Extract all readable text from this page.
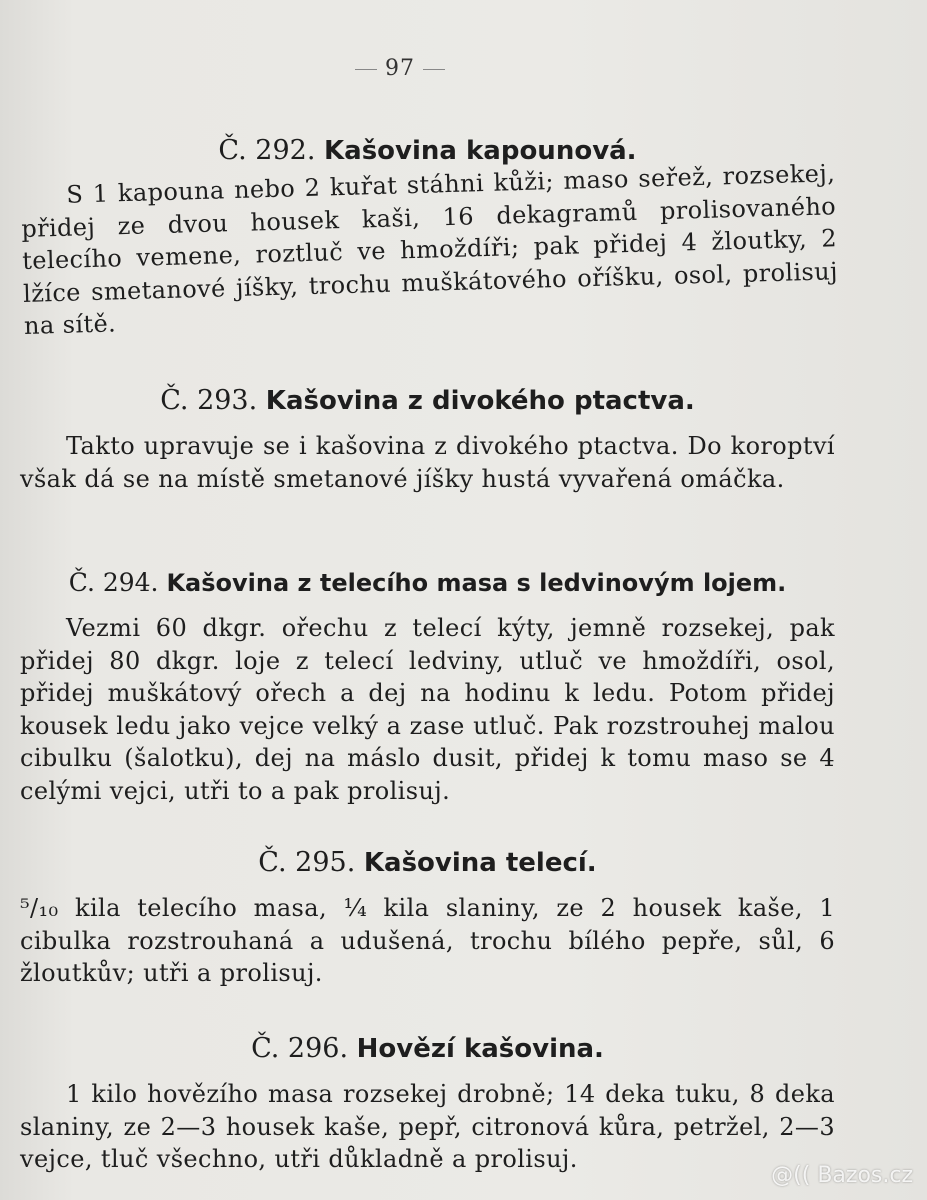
97
Č. 292. Kašovina kapounová.
S 1 kapouna nebo 2 kuřat stáhni kůži; maso seřež, rozsekej, přidej ze dvou housek kaši, 16 dekagramů prolisovaného telecího vemene, roztluč ve hmoždíři; pak přidej 4 žloutky, 2 lžíce smetanové jíšky, trochu muškátového oříšku, osol, prolisuj na sítě.
Č. 293. Kašovina z divokého ptactva.
Takto upravuje se i kašovina z divokého ptactva. Do koroptví však dá se na místě smetanové jíšky hustá vyvařená omáčka.
Č. 294. Kašovina z telecího masa s ledvinovým lojem.
Vezmi 60 dkgr. ořechu z telecí kýty, jemně rozsekej, pak přidej 80 dkgr. loje z telecí ledviny, utluč ve hmoždíři, osol, přidej muškátový ořech a dej na hodinu k ledu. Potom přidej kousek ledu jako vejce velký a zase utluč. Pak rozstrouhej malou cibulku (šalotku), dej na máslo dusit, přidej k tomu maso se 4 celými vejci, utři to a pak prolisuj.
Č. 295. Kašovina telecí.
⁵/₁₀ kila telecího masa, ¼ kila slaniny, ze 2 housek kaše, 1 cibulka rozstrouhaná a udušená, trochu bílého pepře, sůl, 6 žloutkův; utři a prolisuj.
Č. 296. Hovězí kašovina.
1 kilo hovězího masa rozsekej drobně; 14 deka tuku, 8 deka slaniny, ze 2—3 housek kaše, pepř, citronová kůra, petržel, 2—3 vejce, tluč všechno, utři důkladně a prolisuj.
@(( Bazos.cz
